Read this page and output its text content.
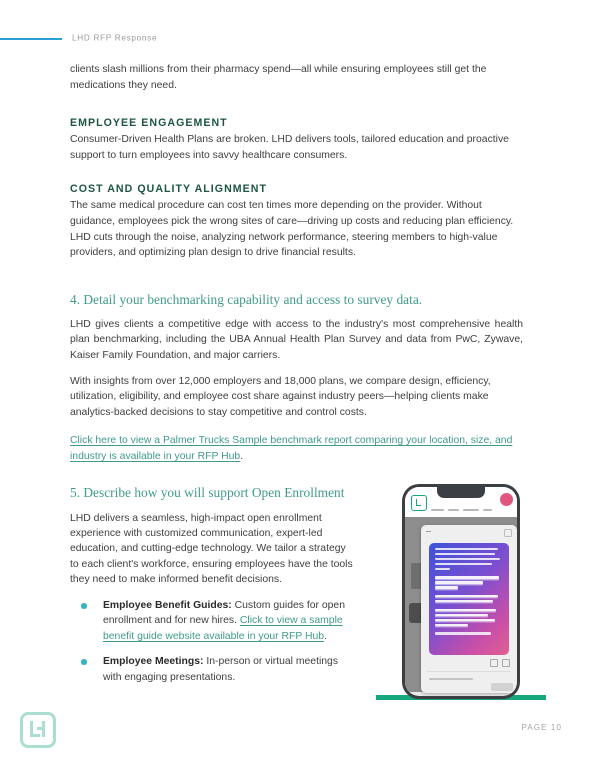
LHD RFP Response

clients slash millions from their pharmacy spend—all while ensuring employees still get the medications they need.

EMPLOYEE ENGAGEMENT

Consumer-Driven Health Plans are broken. LHD delivers tools, tailored education and proactive support to turn employees into savvy healthcare consumers.

COST AND QUALITY ALIGNMENT

The same medical procedure can cost ten times more depending on the provider. Without guidance, employees pick the wrong sites of care—driving up costs and reducing plan efficiency. LHD cuts through the noise, analyzing network performance, steering members to high-value providers, and optimizing plan design to drive financial results.

4. Detail your benchmarking capability and access to survey data.

LHD gives clients a competitive edge with access to the industry's most comprehensive health plan benchmarking, including the UBA Annual Health Plan Survey and data from PwC, Zywave, Kaiser Family Foundation, and major carriers.

With insights from over 12,000 employers and 18,000 plans, we compare design, efficiency, utilization, eligibility, and employee cost share against industry peers—helping clients make analytics-backed decisions to stay competitive and control costs.

Click here to view a Palmer Trucks Sample benchmark report comparing your location, size, and industry is available in your RFP Hub.

5. Describe how you will support Open Enrollment

LHD delivers a seamless, high-impact open enrollment experience with customized communication, expert-led education, and cutting-edge technology. We tailor a strategy to each client's workforce, ensuring employees have the tools they need to make informed benefit decisions.

Employee Benefit Guides: Custom guides for open enrollment and for new hires. Click to view a sample benefit guide website available in your RFP Hub.
Employee Meetings: In-person or virtual meetings with engaging presentations.
PAGE 10
